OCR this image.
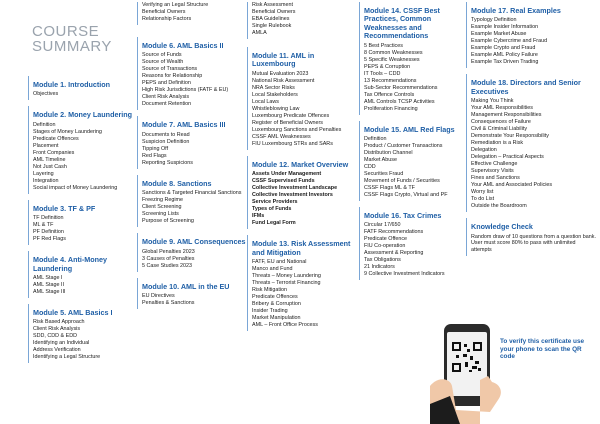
COURSE
SUMMARY
Module 1. Introduction
Objectives
Module 2. Money Laundering
Definition
Stages of Money Laundering
Predicate Offences
Placement
Front Companies
AML Timeline
Not Just Cash
Layering
Integration
Social impact of Money Laundering
Module 3. TF & PF
TF Definition
ML & TF
PF Definition
PF Red Flags
Module 4. Anti-Money Laundering
AML Stage I
AML Stage II
AML Stage III
Module 5. AML Basics I
Risk Based Approach
Client Risk Analysis
SDD, CDD & EDD
Identifying an Individual
Address Verification
Identifying a Legal Structure
Verifying an Legal Structure
Beneficial Owners
Relationship Factors
Module 6. AML Basics II
Source of Funds
Source of Wealth
Source of Transactions
Reasons for Relationship
PEPS and Definition
High Risk Jurisdictions (FATF & EU)
Client Risk Analysis
Document Retention
Module 7. AML Basics III
Documents to Read
Suspicion Definition
Tipping Off
Red Flags
Reporting Suspicions
Module 8. Sanctions
Sanctions & Targeted Financial Sanctions
Freezing Regime
Client Screening
Screening Lists
Purpose of Screening
Module 9. AML Consequences
Global Penalties 2023
3 Causes of Penalties
5 Case Studies 2023
Module 10. AML in the EU
EU Directives
Penalties & Sanctions
Risk Assessment
Beneficial Owners
EBA Guidelines
Single Rulebook
AMLA
Module 11. AML in Luxembourg
Mutual Evaluation 2023
National Risk Assessment
NRA Sector Risks
Local Stakeholders
Local Laws
Whistleblowing Law
Luxembourg Predicate Offences
Register of Beneficial Owners
Luxembourg Sanctions and Penalties
CSSF AML Weaknesses
FIU Luxembourg STRs and SARs
Module 12. Market Overview
Assets Under Management
CSSF Supervised Funds
Collective Investment Landscape
Collective Investment Investors
Service Providers
Types of Funds
IFMs
Fund Legal Form
Module 13. Risk Assessment and Mitigation
FATF, EU and National
Manco and Fund
Threats – Money Laundering
Threats – Terrorist Financing
Risk Mitigation
Predicate Offences
Bribery & Corruption
Insider Trading
Market Manipulation
AML – Front Office Process
Module 14. CSSF Best Practices, Common Weaknesses and Recommendations
5 Best Practices
8 Common Weaknesses
5 Specific Weaknesses
PEPS & Corruption
IT Tools – CDD
13 Recommendations
Sub-Sector Recommendations
Tax Offence Controls
AML Controls TCSP Activities
Proliferation Financing
Module 15. AML Red Flags
Definition
Product / Customer Transactions
Distribution Channel
Market Abuse
CDD
Securities Fraud
Movement of Funds / Securities
CSSF Flags ML & TF
CSSF Flags Crypto, Virtual and PF
Module 16. Tax Crimes
Circular 17/650
FATF Recommendations
Predicate Offence
FIU Co-operation
Assessment & Reporting
Tax Obligations
21 Indicators
9 Collective Investment Indicators
Module 17. Real Examples
Typology Definition
Example Insider Information
Example Market Abuse
Example Cybercrime and Fraud
Example Crypto and Fraud
Example AML Policy Failure
Example Tax Driven Trading
Module 18. Directors and Senior Executives
Making You Think
Your AML Responsibilities
Management Responsibilities
Consequences of Failure
Civil & Criminal Liability
Demonstrate Your Responsibility
Remediation is a Risk
Delegation
Delegation – Practical Aspects
Effective Challenge
Supervisory Visits
Fines and Sanctions
Your AML and Associated Policies
Worry list
To do List
Outside the Boardroom
Knowledge Check

Random draw of 10 questions from a question bank. User must score 80% to pass with unlimited attempts

To verify this certificate use your phone to scan the QR code
